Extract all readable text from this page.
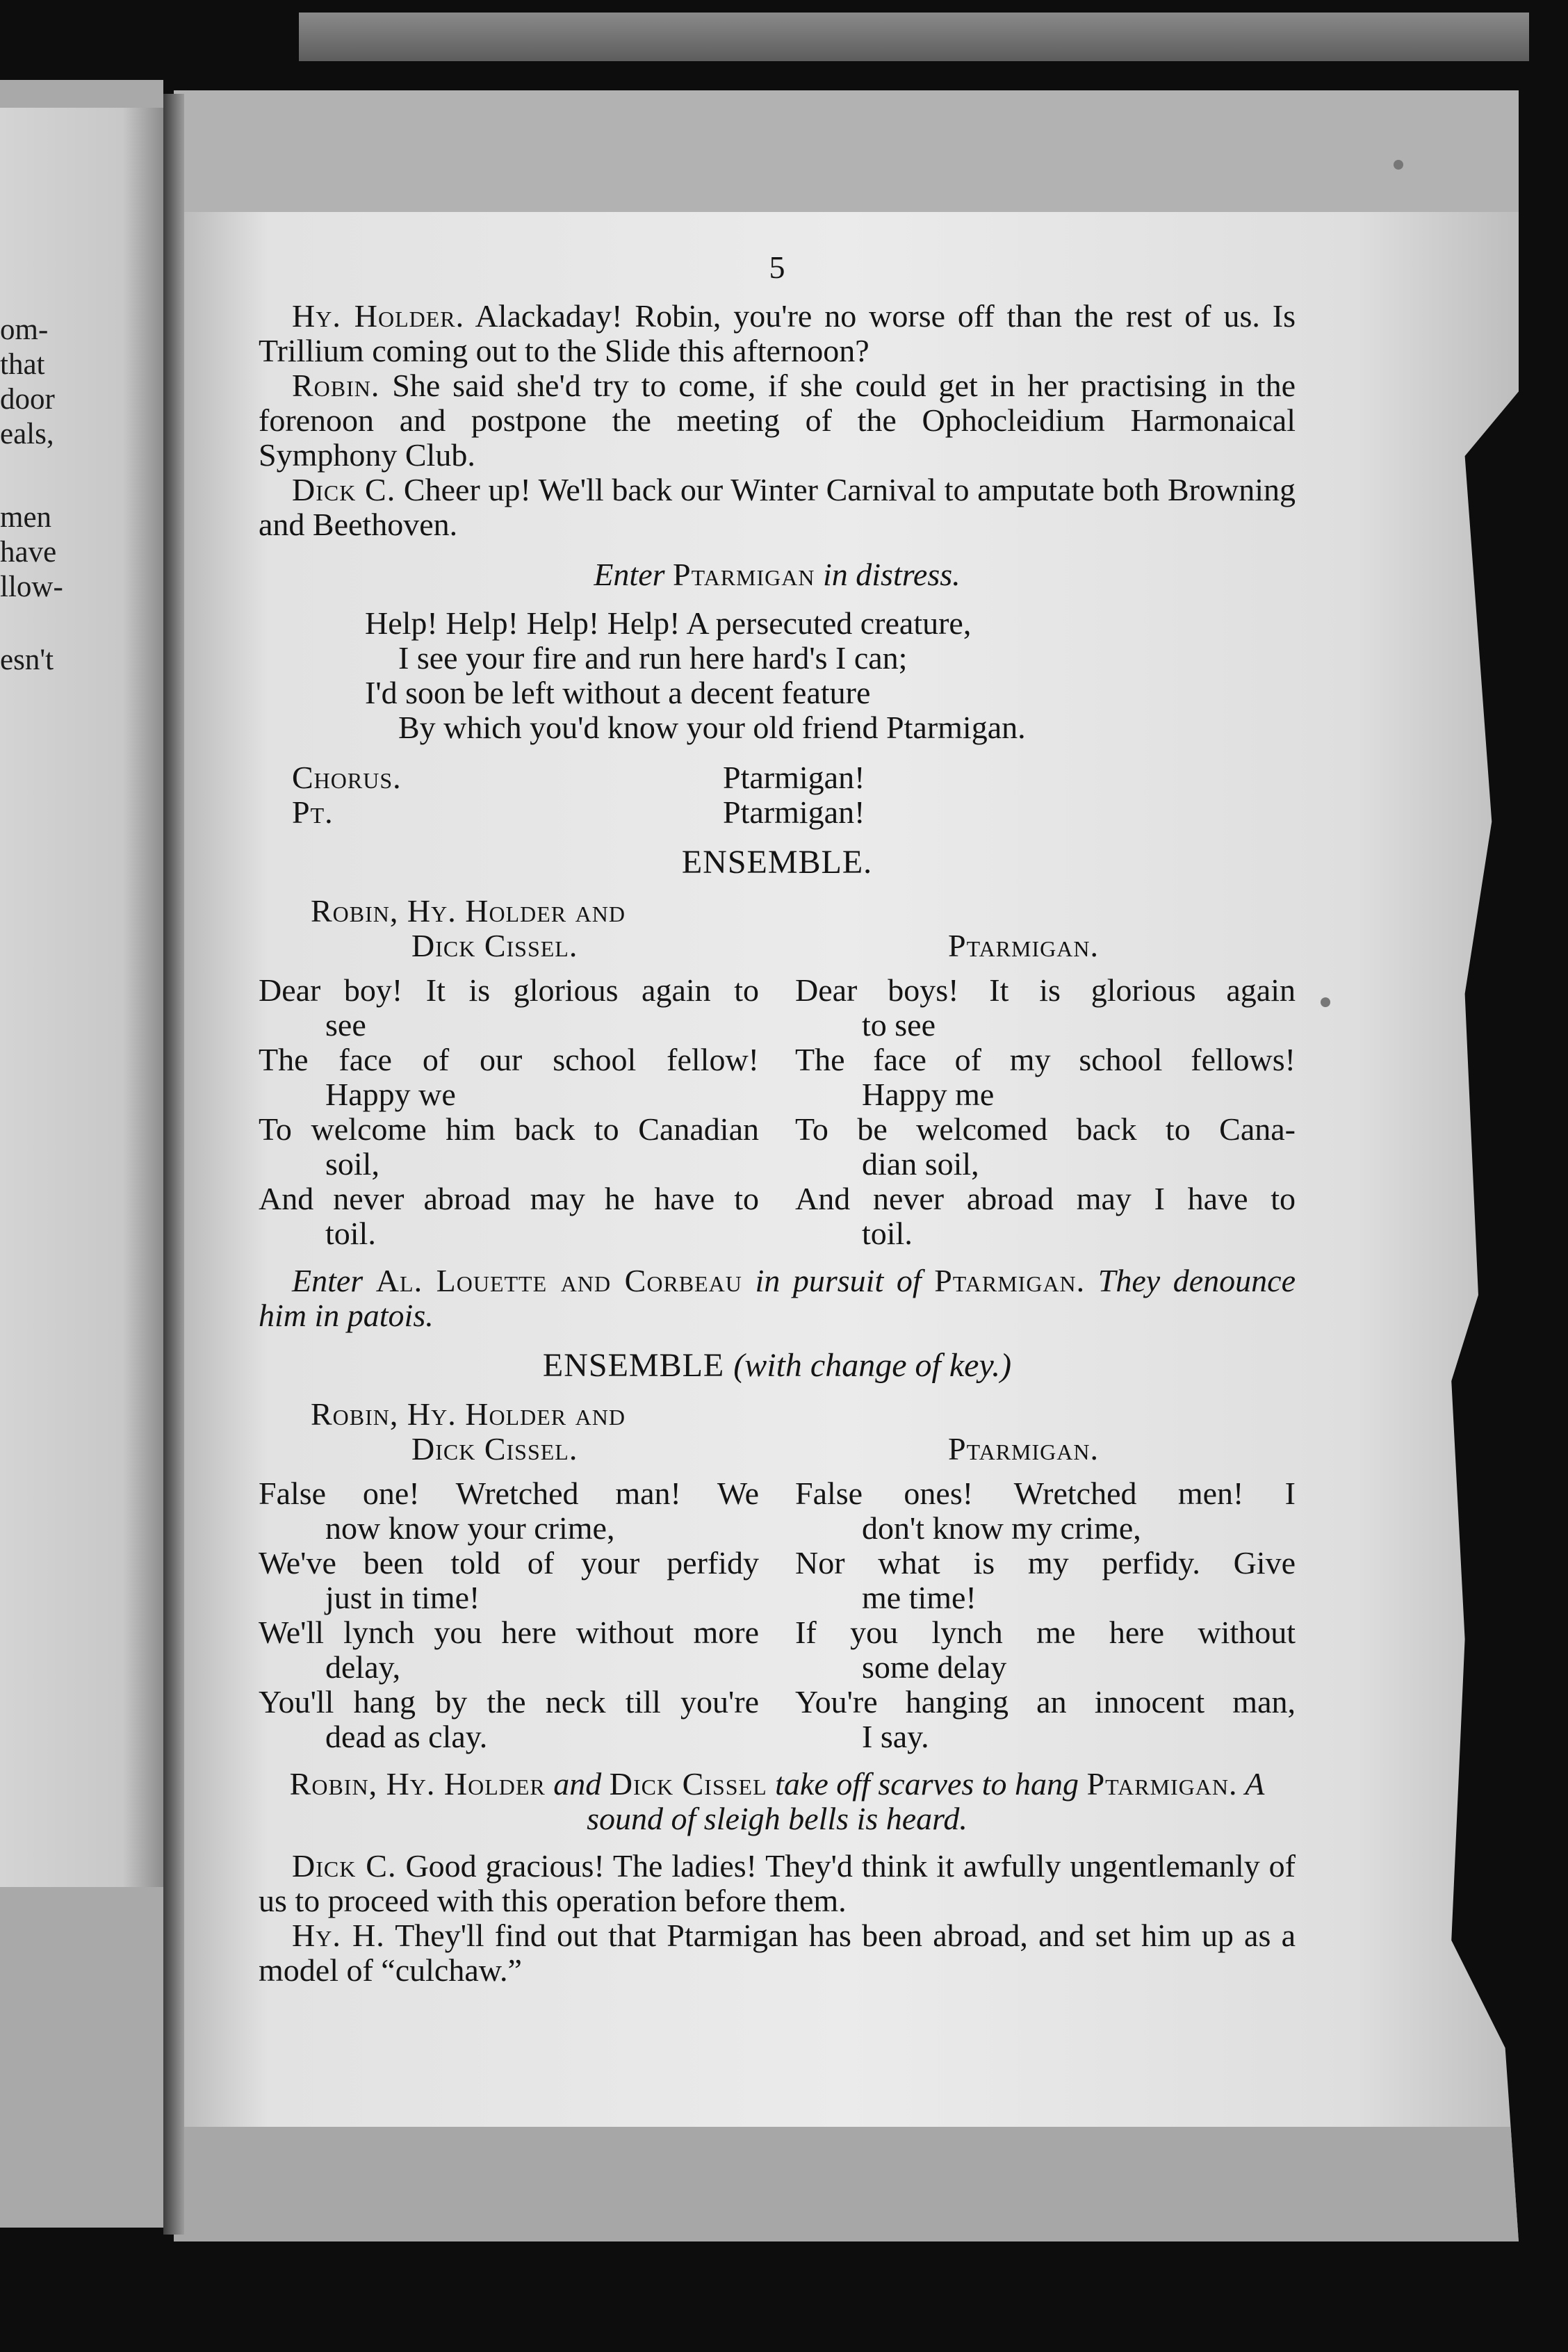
om-
that
door
eals,
men
have
llow-
esn't
5

Hy. Holder. Alackaday! Robin, you're no worse off than the rest of us. Is Trillium coming out to the Slide this afternoon?

Robin. She said she'd try to come, if she could get in her practising in the forenoon and postpone the meeting of the Ophocleidium Harmonaical Symphony Club.

Dick C. Cheer up! We'll back our Winter Carnival to amputate both Browning and Beethoven.

Enter Ptarmigan in distress.
Help! Help! Help! Help! A persecuted creature,
I see your fire and run here hard's I can;
I'd soon be left without a decent feature
By which you'd know your old friend Ptarmigan.
Chorus.	Ptarmigan!
Pt.	Ptarmigan!
ENSEMBLE.
Robin, Hy. Holder and
Dick Cissel.
Dear boy! It is glorious again to
see
The face of our school fellow!
Happy we
To welcome him back to Canadian
soil,
And never abroad may he have to
toil.
Ptarmigan.
Dear boys! It is glorious again
to see
The face of my school fellows!
Happy me
To be welcomed back to Cana-
dian soil,
And never abroad may I have to
toil.

Enter Al. Louette and Corbeau in pursuit of Ptarmigan. They denounce him in patois.

ENSEMBLE (with change of key.)
Robin, Hy. Holder and
Dick Cissel.
False one! Wretched man! We
now know your crime,
We've been told of your perfidy
just in time!
We'll lynch you here without more
delay,
You'll hang by the neck till you're
dead as clay.
Ptarmigan.
False ones! Wretched men! I
don't know my crime,
Nor what is my perfidy. Give
me time!
If you lynch me here without
some delay
You're hanging an innocent man,
I say.
Robin, Hy. Holder and Dick Cissel take off scarves to hang Ptarmigan. A sound of sleigh bells is heard.

Dick C. Good gracious! The ladies! They'd think it awfully ungentlemanly of us to proceed with this operation before them.

Hy. H. They'll find out that Ptarmigan has been abroad, and set him up as a model of “culchaw.”
